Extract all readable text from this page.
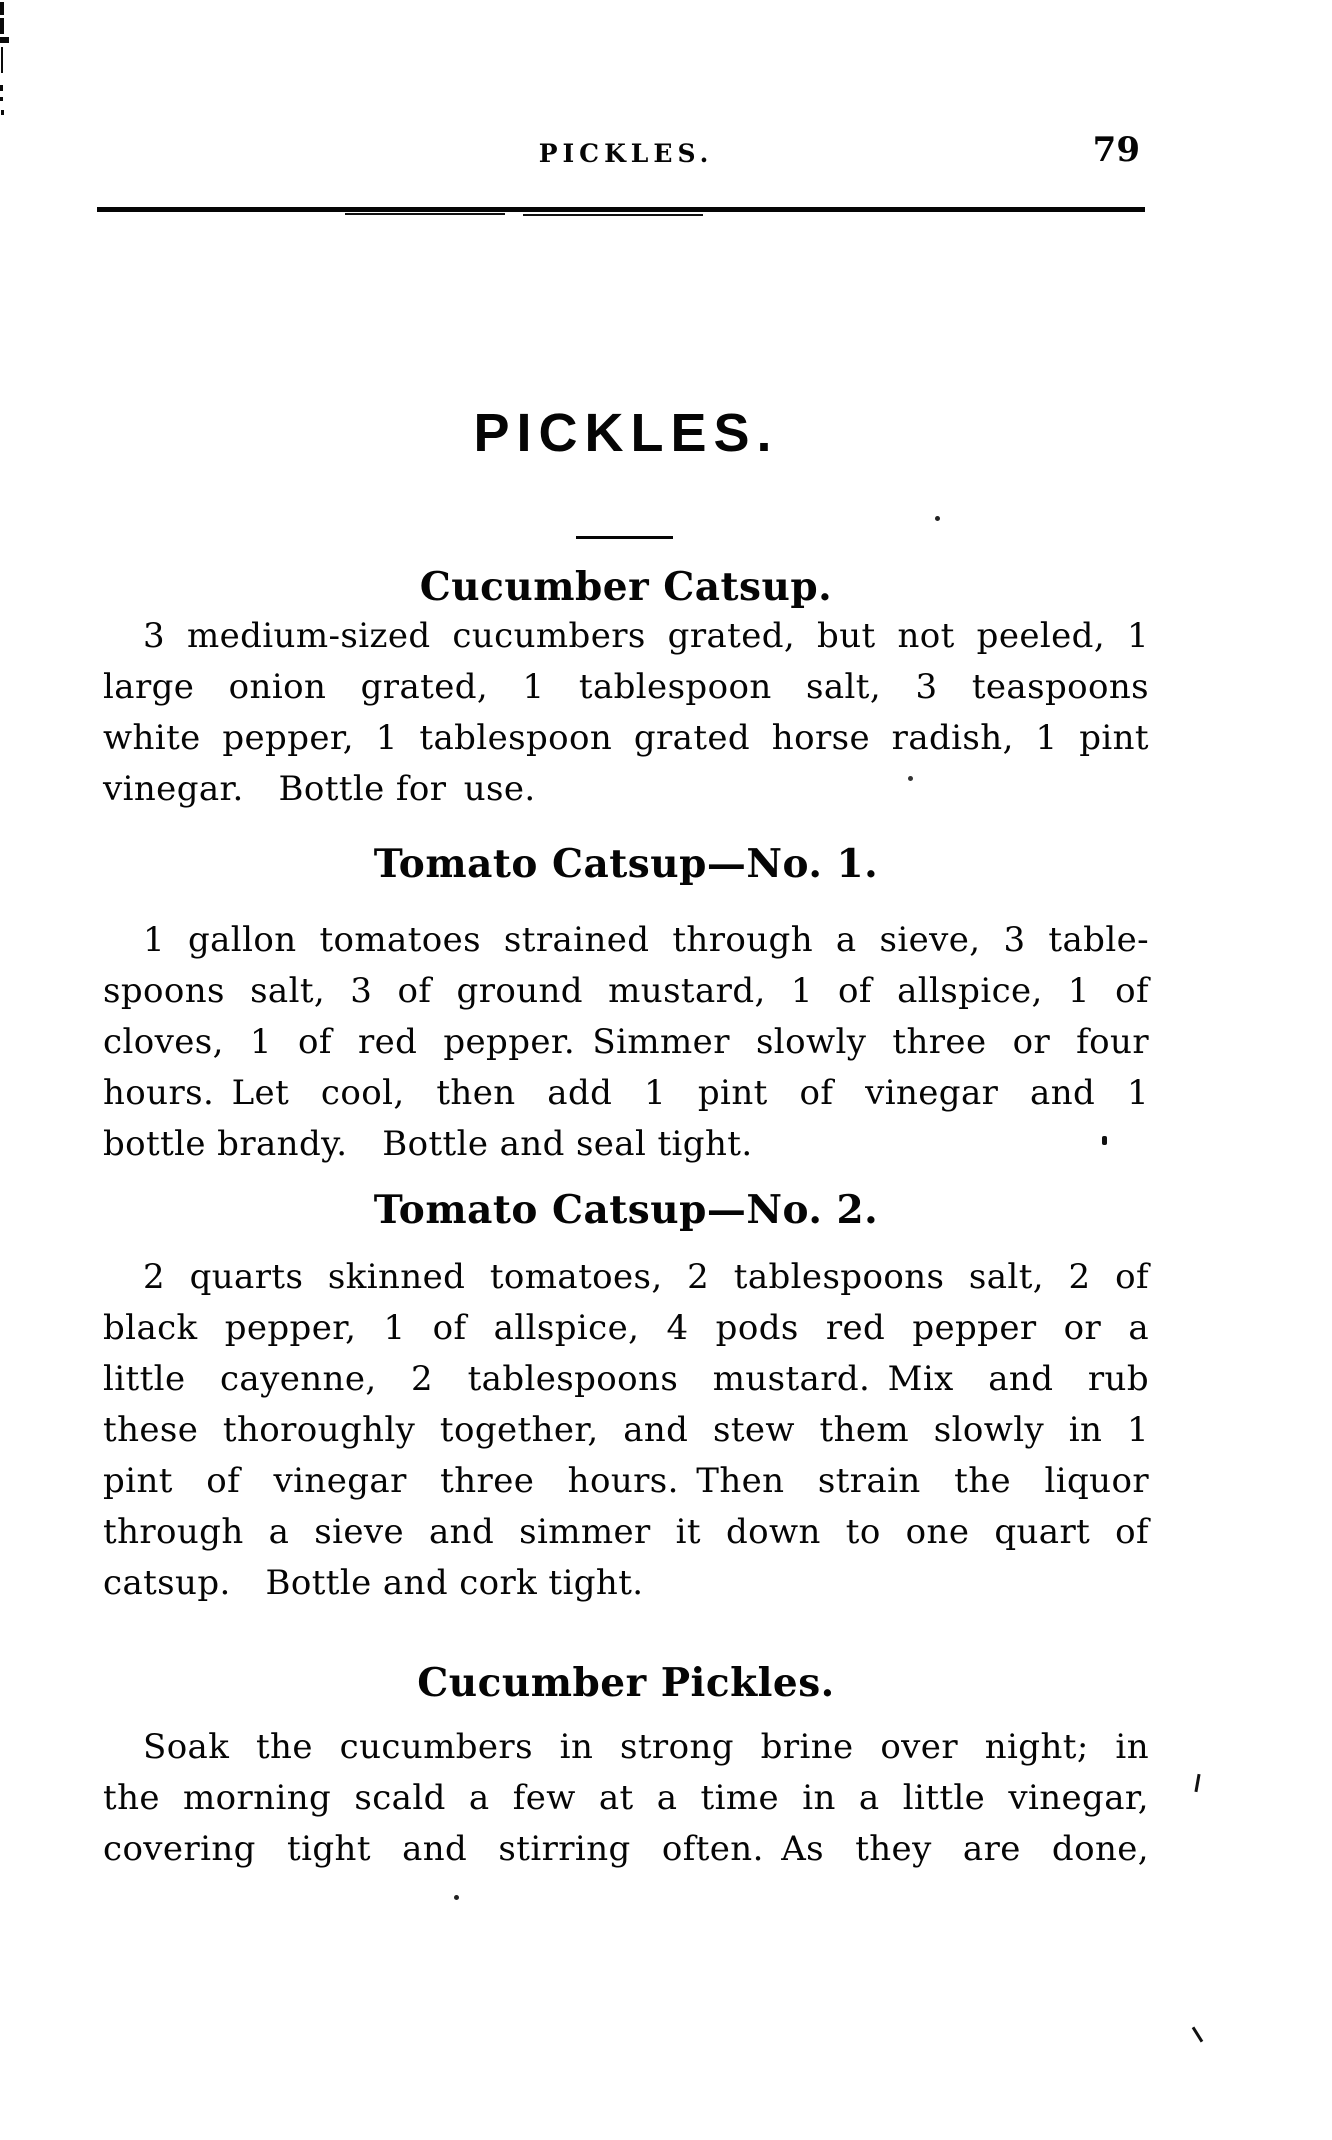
PICKLES.	79
PICKLES.
Cucumber Catsup.
3 medium-sized cucumbers grated, but not peeled, 1
large onion grated, 1 tablespoon salt, 3 teaspoons
white pepper, 1 tablespoon grated horse radish, 1 pint
vinegar.  Bottle for use.
Tomato Catsup—No. 1.
1 gallon tomatoes strained through a sieve, 3 table-
spoons salt, 3 of ground mustard, 1 of allspice, 1 of
cloves, 1 of red pepper. Simmer slowly three or four
hours. Let cool, then add 1 pint of vinegar and 1
bottle brandy.  Bottle and seal tight.
Tomato Catsup—No. 2.
2 quarts skinned tomatoes, 2 tablespoons salt, 2 of
black pepper, 1 of allspice, 4 pods red pepper or a
little cayenne, 2 tablespoons mustard. Mix and rub
these thoroughly together, and stew them slowly in 1
pint of vinegar three hours. Then strain the liquor
through a sieve and simmer it down to one quart of
catsup.  Bottle and cork tight.
Cucumber Pickles.
Soak the cucumbers in strong brine over night; in
the morning scald a few at a time in a little vinegar,
covering tight and stirring often. As they are done,
